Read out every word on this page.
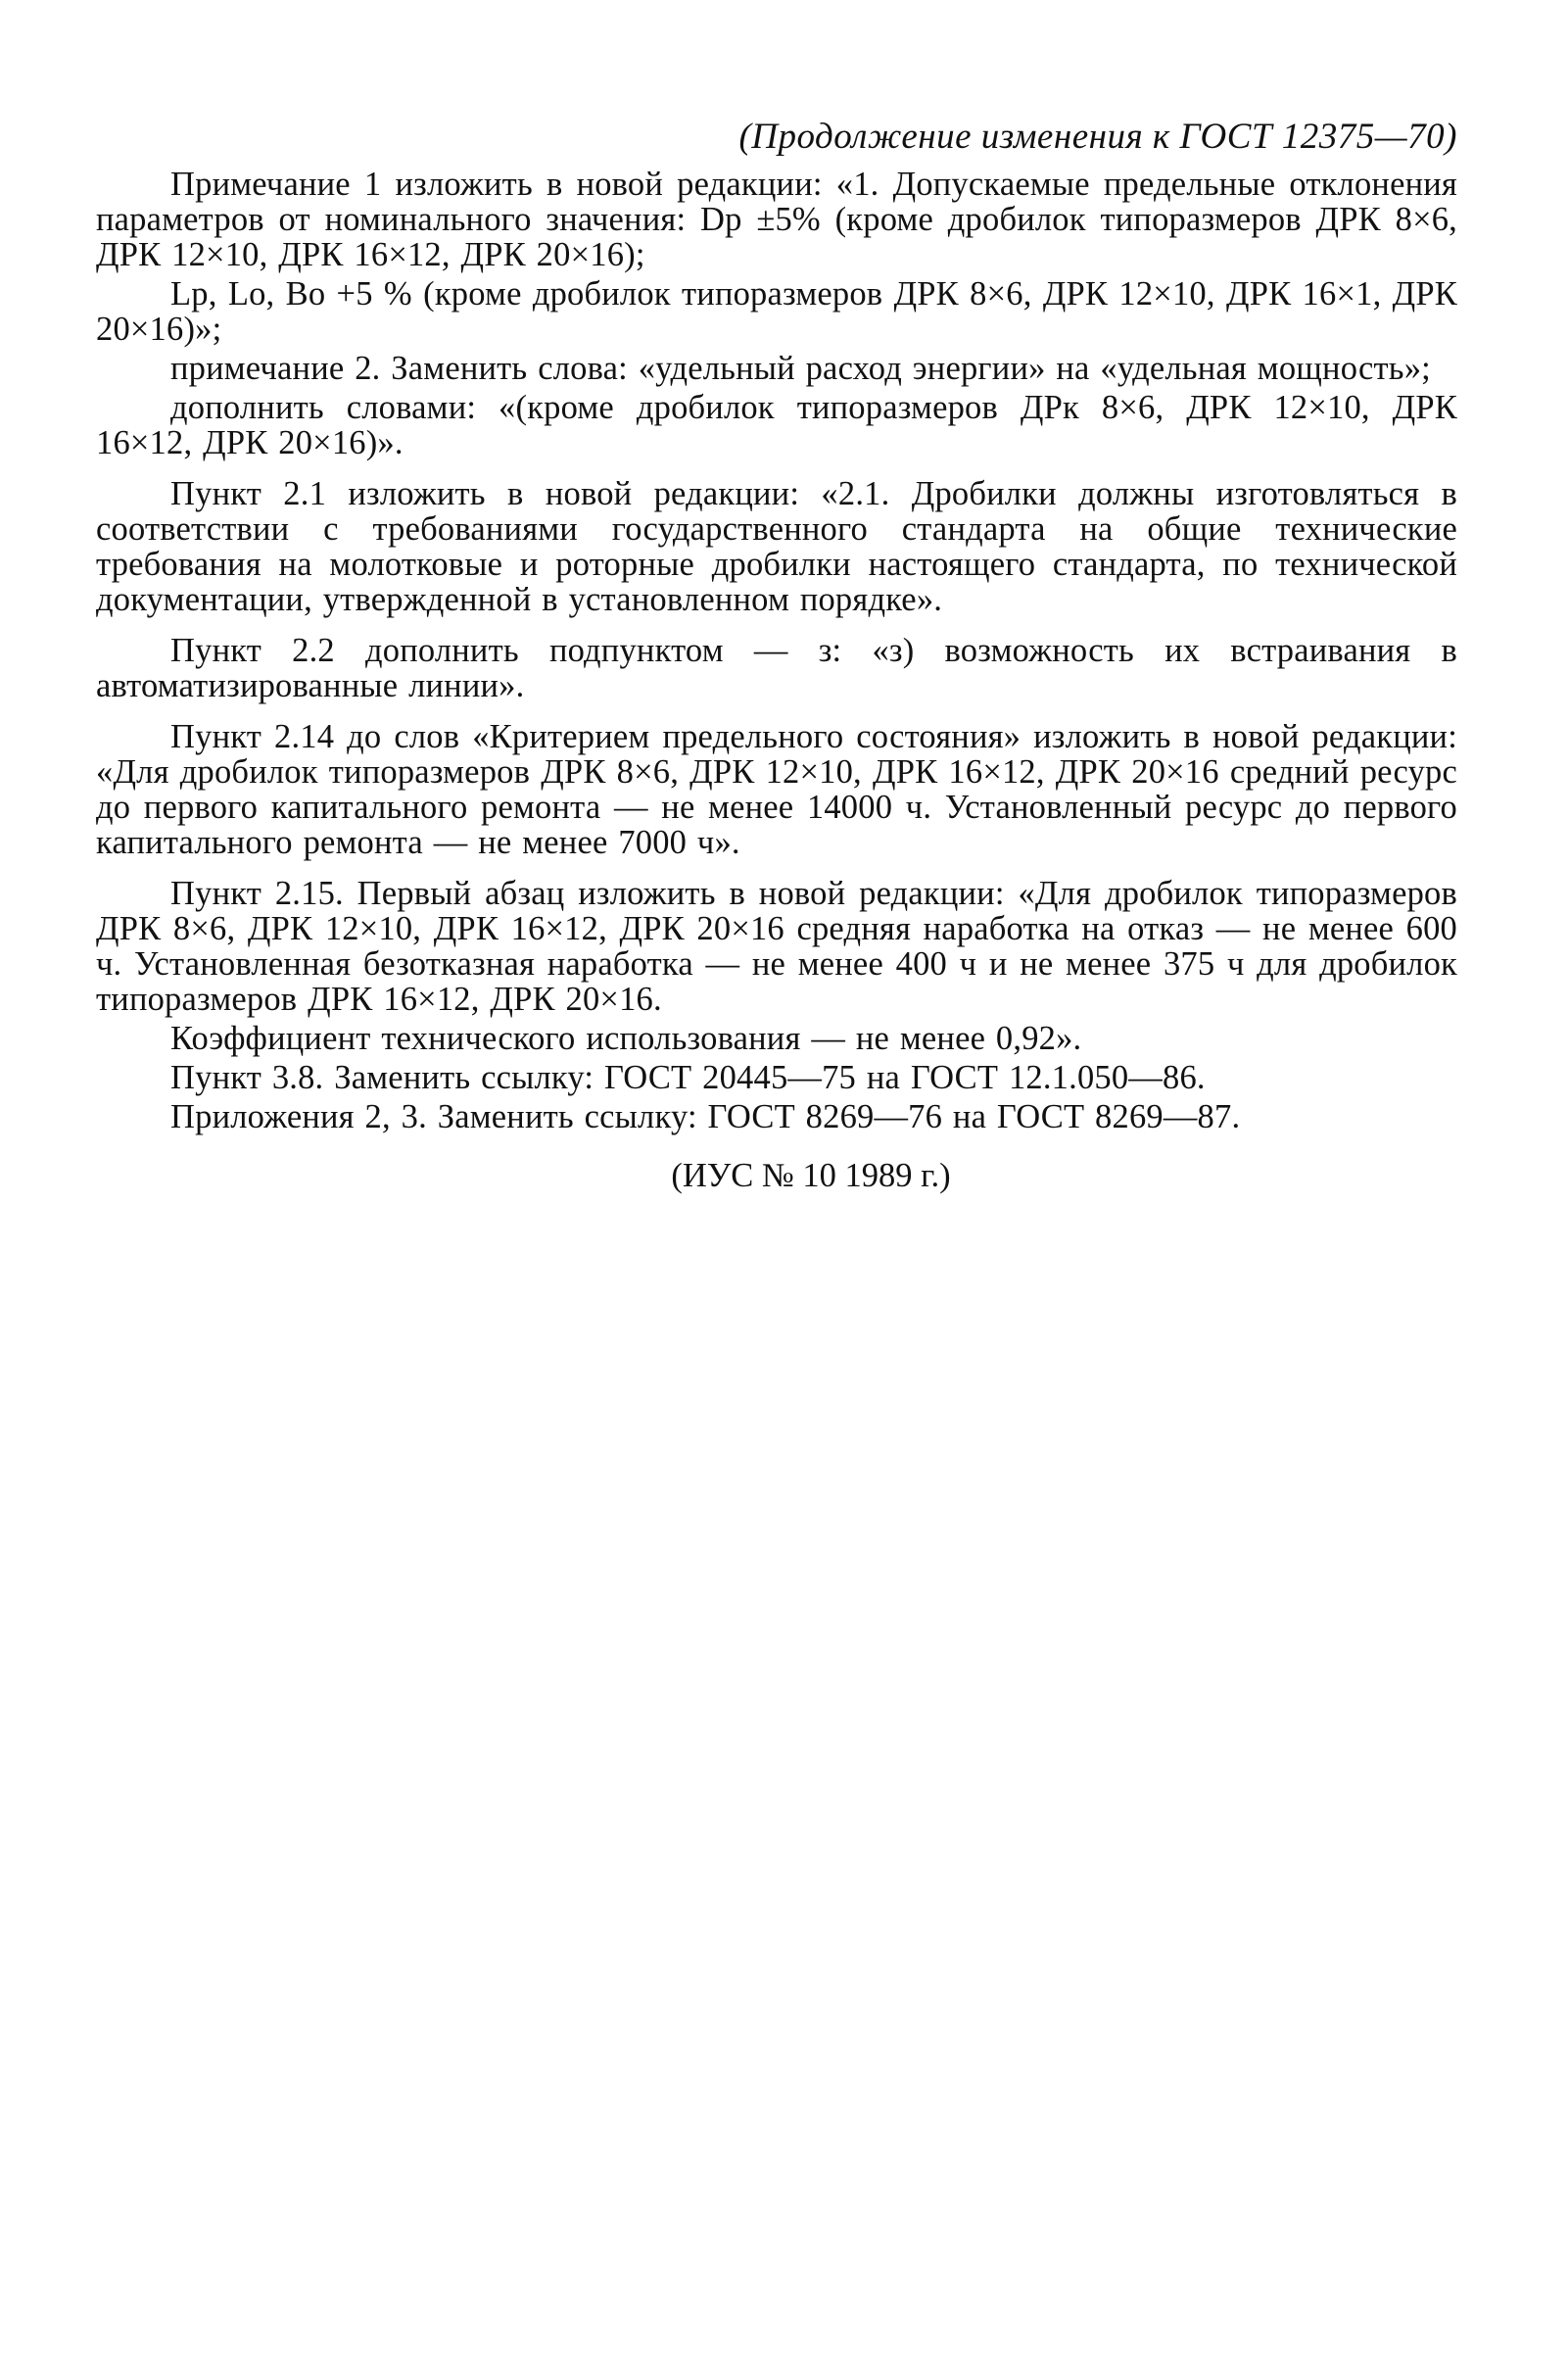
(Продолжение изменения к ГОСТ 12375—70)

Примечание 1 изложить в новой редакции: «1. Допускаемые предельные отклонения параметров от номинального значения: Dр ±5% (кроме дробилок типоразмеров ДРК 8×6, ДРК 12×10, ДРК 16×12, ДРК 20×16);

Lр, Lо, Bо +5 % (кроме дробилок типоразмеров ДРК 8×6, ДРК 12×10, ДРК 16×1, ДРК 20×16)»;

примечание 2. Заменить слова: «удельный расход энергии» на «удельная мощность»;

дополнить словами: «(кроме дробилок типоразмеров ДРк 8×6, ДРК 12×10, ДРК 16×12, ДРК 20×16)».

Пункт 2.1 изложить в новой редакции: «2.1. Дробилки должны изготовляться в соответствии с требованиями государственного стандарта на общие технические требования на молотковые и роторные дробилки настоящего стандарта, по технической документации, утвержденной в установленном порядке».

Пункт 2.2 дополнить подпунктом — з: «з) возможность их встраивания в автоматизированные линии».

Пункт 2.14 до слов «Критерием предельного состояния» изложить в новой редакции: «Для дробилок типоразмеров ДРК 8×6, ДРК 12×10, ДРК 16×12, ДРК 20×16 средний ресурс до первого капитального ремонта — не менее 14000 ч. Установленный ресурс до первого капитального ремонта — не менее 7000 ч».

Пункт 2.15. Первый абзац изложить в новой редакции: «Для дробилок типоразмеров ДРК 8×6, ДРК 12×10, ДРК 16×12, ДРК 20×16 средняя наработка на отказ — не менее 600 ч. Установленная безотказная наработка — не менее 400 ч и не менее 375 ч для дробилок типоразмеров ДРК 16×12, ДРК 20×16.

Коэффициент технического использования — не менее 0,92».

Пункт 3.8. Заменить ссылку: ГОСТ 20445—75 на ГОСТ 12.1.050—86.

Приложения 2, 3. Заменить ссылку: ГОСТ 8269—76 на ГОСТ 8269—87.

(ИУС № 10 1989 г.)
